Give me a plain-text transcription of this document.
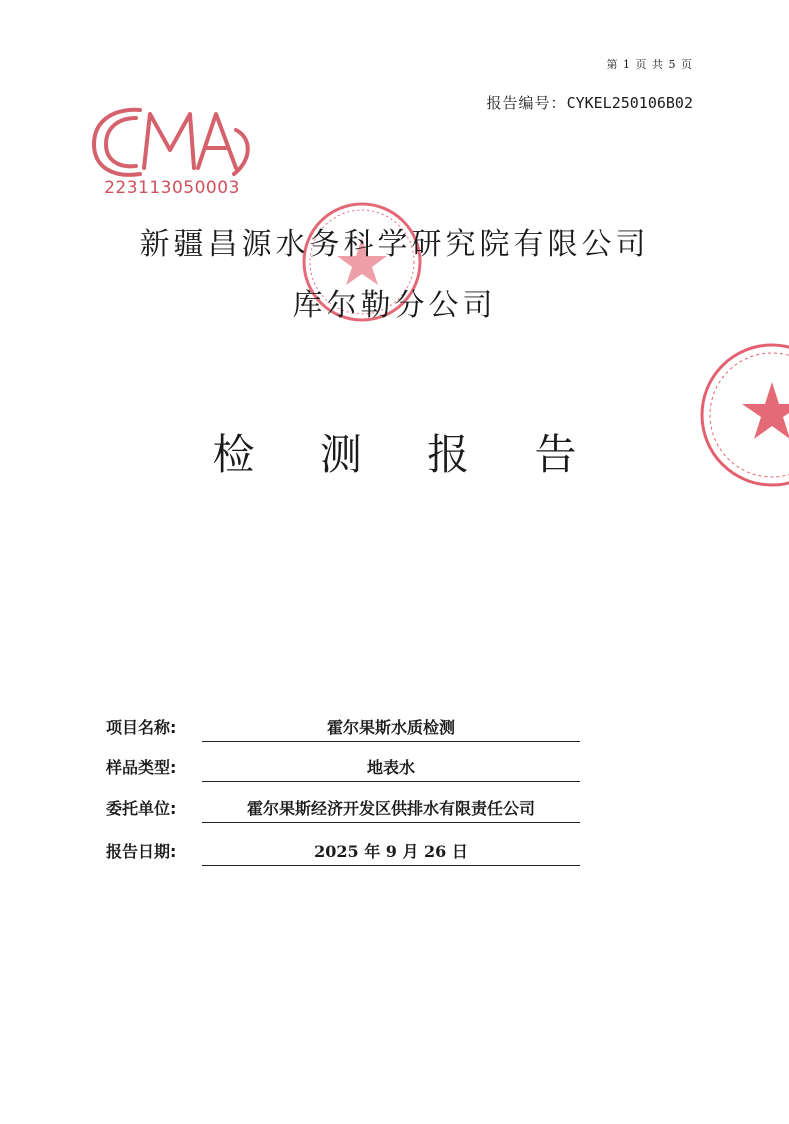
第 1 页 共 5 页
报告编号：CYKEL250106B02
223113050003
新疆昌源水务科学研究院有限公司
库尔勒分公司
检 测 报 告
项目名称:	霍尔果斯水质检测
样品类型:	地表水
委托单位:	霍尔果斯经济开发区供排水有限责任公司
报告日期:	2025 年 9 月 26 日
